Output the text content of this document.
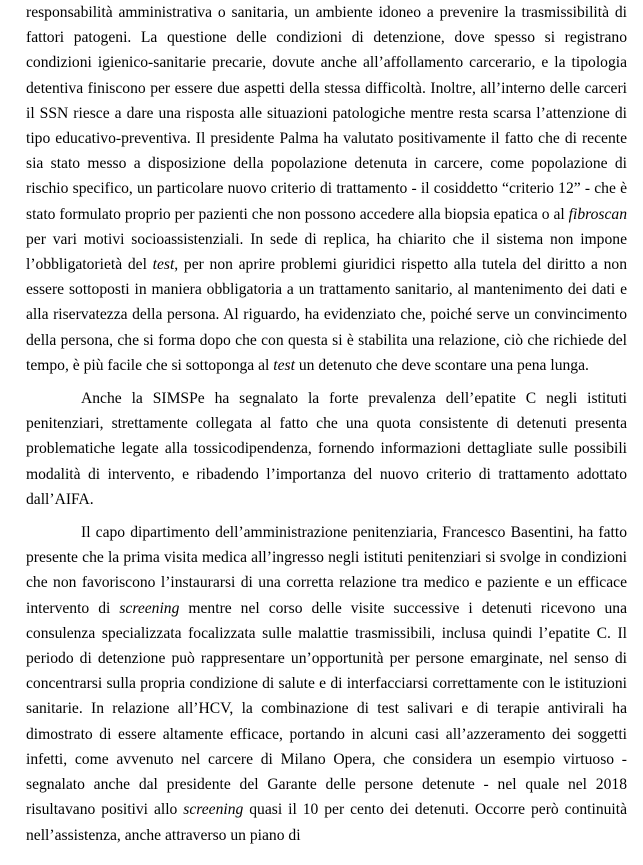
responsabilità amministrativa o sanitaria, un ambiente idoneo a prevenire la trasmissibilità di fattori patogeni. La questione delle condizioni di detenzione, dove spesso si registrano condizioni igienico-sanitarie precarie, dovute anche all’affollamento carcerario, e la tipologia detentiva finiscono per essere due aspetti della stessa difficoltà. Inoltre, all’interno delle carceri il SSN riesce a dare una risposta alle situazioni patologiche mentre resta scarsa l’attenzione di tipo educativo-preventiva. Il presidente Palma ha valutato positivamente il fatto che di recente sia stato messo a disposizione della popolazione detenuta in carcere, come popolazione di rischio specifico, un particolare nuovo criterio di trattamento - il cosiddetto “criterio 12” - che è stato formulato proprio per pazienti che non possono accedere alla biopsia epatica o al fibroscan per vari motivi socioassistenziali. In sede di replica, ha chiarito che il sistema non impone l’obbligatorietà del test, per non aprire problemi giuridici rispetto alla tutela del diritto a non essere sottoposti in maniera obbligatoria a un trattamento sanitario, al mantenimento dei dati e alla riservatezza della persona. Al riguardo, ha evidenziato che, poiché serve un convincimento della persona, che si forma dopo che con questa si è stabilita una relazione, ciò che richiede del tempo, è più facile che si sottoponga al test un detenuto che deve scontare una pena lunga.

Anche la SIMSPe ha segnalato la forte prevalenza dell’epatite C negli istituti penitenziari, strettamente collegata al fatto che una quota consistente di detenuti presenta problematiche legate alla tossicodipendenza, fornendo informazioni dettagliate sulle possibili modalità di intervento, e ribadendo l’importanza del nuovo criterio di trattamento adottato dall’AIFA.

Il capo dipartimento dell’amministrazione penitenziaria, Francesco Basentini, ha fatto presente che la prima visita medica all’ingresso negli istituti penitenziari si svolge in condizioni che non favoriscono l’instaurarsi di una corretta relazione tra medico e paziente e un efficace intervento di screening mentre nel corso delle visite successive i detenuti ricevono una consulenza specializzata focalizzata sulle malattie trasmissibili, inclusa quindi l’epatite C. Il periodo di detenzione può rappresentare un’opportunità per persone emarginate, nel senso di concentrarsi sulla propria condizione di salute e di interfacciarsi correttamente con le istituzioni sanitarie. In relazione all’HCV, la combinazione di test salivari e di terapie antivirali ha dimostrato di essere altamente efficace, portando in alcuni casi all’azzeramento dei soggetti infetti, come avvenuto nel carcere di Milano Opera, che considera un esempio virtuoso - segnalato anche dal presidente del Garante delle persone detenute - nel quale nel 2018 risultavano positivi allo screening quasi il 10 per cento dei detenuti. Occorre però continuità nell’assistenza, anche attraverso un piano di
